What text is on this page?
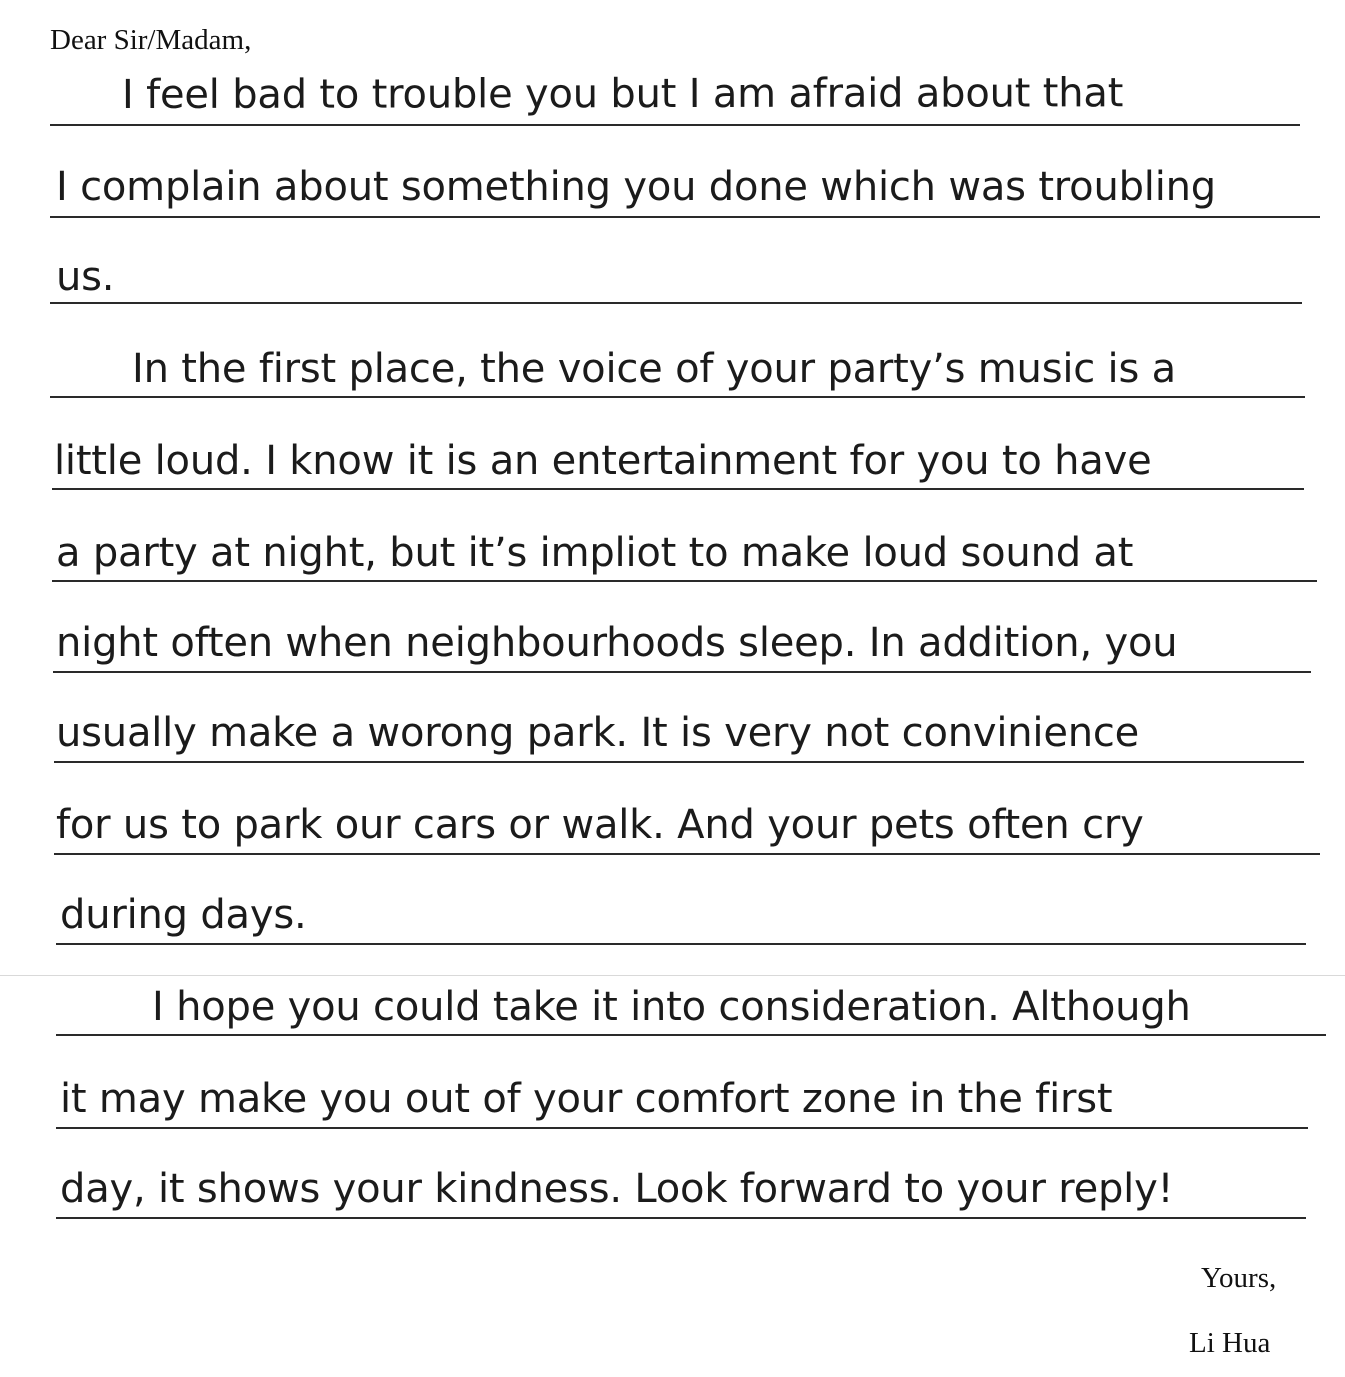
Dear Sir/Madam,
I feel bad to trouble you but I am afraid about that
I complain about something you done which was troubling
us.
In the first place, the voice of your party’s music is a
little loud. I know it is an entertainment for you to have
a party at night, but it’s impliot to make loud sound at
night often when neighbourhoods sleep. In addition, you
usually make a worong park. It is very not convinience
for us to park our cars or walk. And your pets often cry
during days.
I hope you could take it into consideration. Although
it may make you out of your comfort zone in the first
day, it shows your kindness. Look forward to your reply!
Yours,
Li Hua
